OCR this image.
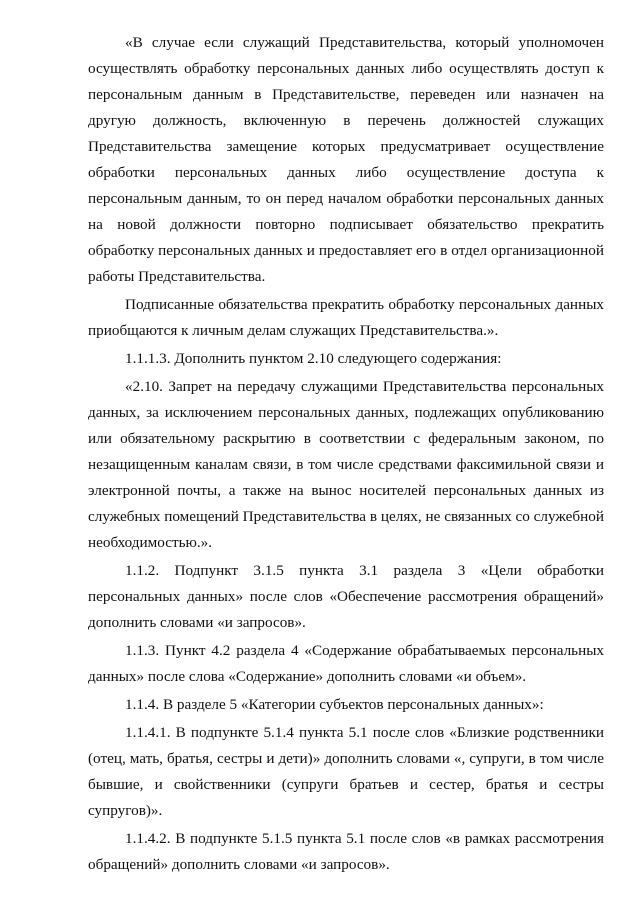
«В случае если служащий Представительства, который уполномочен осуществлять обработку персональных данных либо осуществлять доступ к персональным данным в Представительстве, переведен или назначен на другую должность, включенную в перечень должностей служащих Представительства замещение которых предусматривает осуществление обработки персональных данных либо осуществление доступа к персональным данным, то он перед началом обработки персональных данных на новой должности повторно подписывает обязательство прекратить обработку персональных данных и предоставляет его в отдел организационной работы Представительства.

Подписанные обязательства прекратить обработку персональных данных приобщаются к личным делам служащих Представительства.».

1.1.1.3. Дополнить пунктом 2.10 следующего содержания:

«2.10. Запрет на передачу служащими Представительства персональных данных, за исключением персональных данных, подлежащих опубликованию или обязательному раскрытию в соответствии с федеральным законом, по незащищенным каналам связи, в том числе средствами факсимильной связи и электронной почты, а также на вынос носителей персональных данных из служебных помещений Представительства в целях, не связанных со служебной необходимостью.».

1.1.2. Подпункт 3.1.5 пункта 3.1 раздела 3 «Цели обработки персональных данных» после слов «Обеспечение рассмотрения обращений» дополнить словами «и запросов».

1.1.3. Пункт 4.2 раздела 4 «Содержание обрабатываемых персональных данных» после слова «Содержание» дополнить словами «и объем».

1.1.4. В разделе 5 «Категории субъектов персональных данных»:

1.1.4.1. В подпункте 5.1.4 пункта 5.1 после слов «Близкие родственники (отец, мать, братья, сестры и дети)» дополнить словами «, супруги, в том числе бывшие, и свойственники (супруги братьев и сестер, братья и сестры супругов)».

1.1.4.2. В подпункте 5.1.5 пункта 5.1 после слов «в рамках рассмотрения обращений» дополнить словами «и запросов».
